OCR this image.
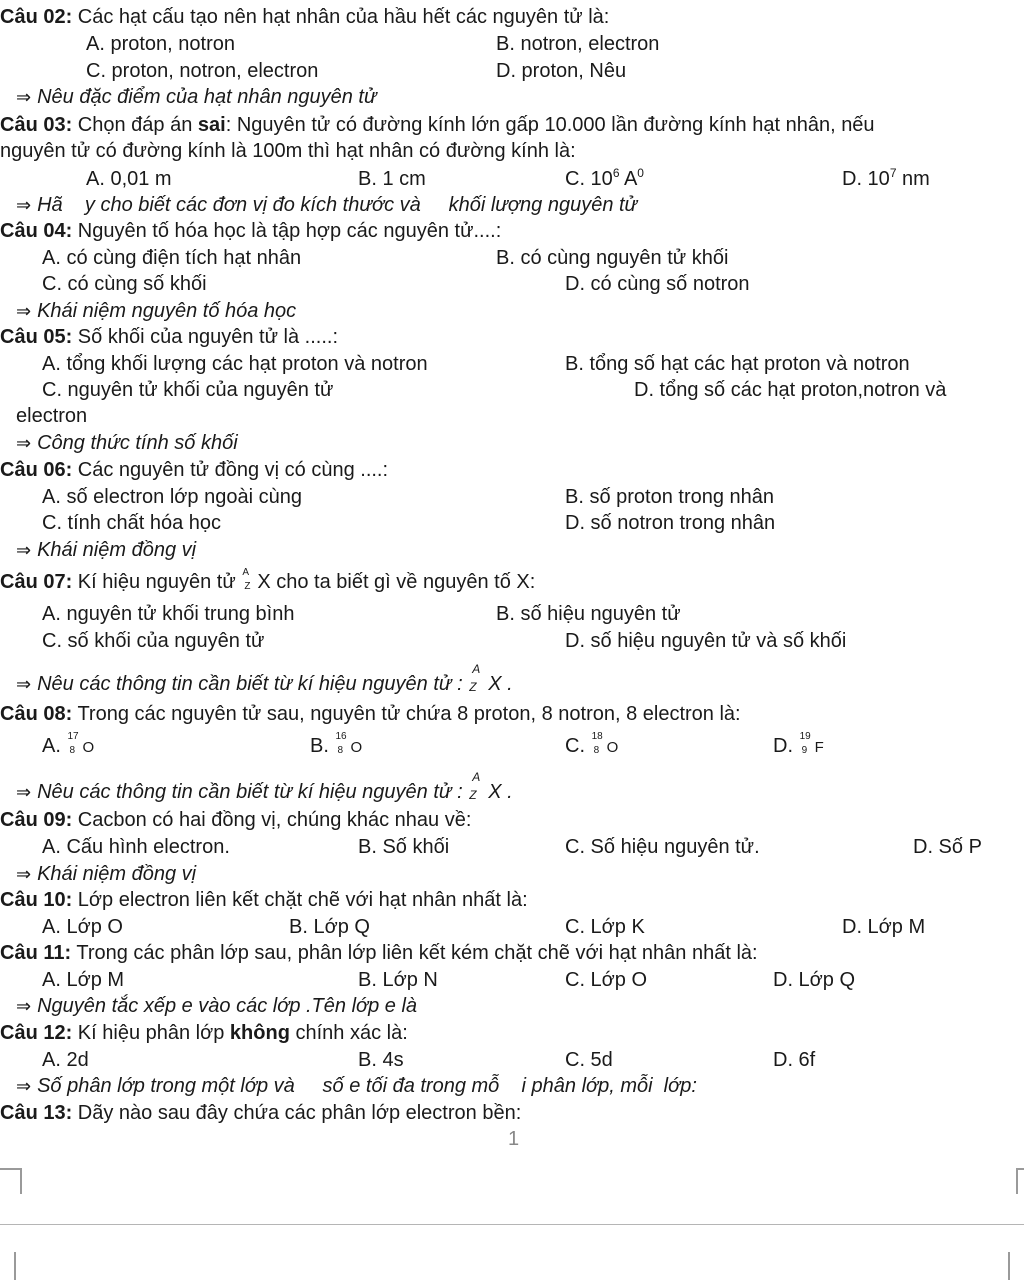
Câu 02: Các hạt cấu tạo nên hạt nhân của hầu hết các nguyên tử là:
A. proton, notron	B. notron, electron
C. proton, notron, electron	D. proton, Nêu
⇒ Nêu đặc điểm của hạt nhân nguyên tử
Câu 03: Chọn đáp án sai: Nguyên tử có đường kính lớn gấp 10.000 lần đường kính hạt nhân, nếu
nguyên tử có đường kính là 100m thì hạt nhân có đường kính là:
A. 0,01 m	B. 1 cm	C. $10^6$ $A^0$	D. $10^7$ nm
⇒ Hã    y cho biết các đơn vị đo kích thước và     khối lượng nguyên tử
Câu 04: Nguyên tố hóa học là tập hợp các nguyên tử....:
A. có cùng điện tích hạt nhân	B. có cùng nguyên tử khối
C. có cùng số khối	D. có cùng số notron
⇒ Khái niệm nguyên tố hóa học
Câu 05: Số khối của nguyên tử là .....:
A. tổng khối lượng các hạt proton và notron	B. tổng số hạt các hạt proton và notron
C. nguyên tử khối của nguyên tử	D. tổng số các hạt proton,notron và
electron
⇒ Công thức tính số khối
Câu 06: Các nguyên tử đồng vị có cùng ....:
A. số electron lớp ngoài cùng	B. số proton trong nhân
C. tính chất hóa học	D. số notron trong nhân
⇒ Khái niệm đồng vị
Câu 07: Kí hiệu nguyên tử A
Z X cho ta biết gì về nguyên tố X:
A. nguyên tử khối trung bình	B. số hiệu nguyên tử
C. số khối của nguyên tử	D. số hiệu nguyên tử và số khối
⇒ Nêu các thông tin cần biết từ kí hiệu nguyên tử :
A
Z X .
Câu 08: Trong các nguyên tử sau, nguyên tử chứa 8 proton, 8 notron, 8 electron là:
A. 17
8 O	B. 16
8 O	C. 18
8 O	D. 19
9 F
⇒ Nêu các thông tin cần biết từ kí hiệu nguyên tử :
A
Z X .
Câu 09: Cacbon có hai đồng vị, chúng khác nhau về:
A. Cấu hình electron.	B. Số khối	C. Số hiệu nguyên tử.	D. Số P
⇒ Khái niệm đồng vị
Câu 10: Lớp electron liên kết chặt chẽ với hạt nhân nhất là:
A. Lớp O	B. Lớp Q	C. Lớp K	D. Lớp M
Câu 11: Trong các phân lớp sau, phân lớp liên kết kém chặt chẽ với hạt nhân nhất là:
A. Lớp M	B. Lớp N	C. Lớp O	D. Lớp Q
⇒ Nguyên tắc xếp e vào các lớp .Tên lớp e là
Câu 12: Kí hiệu phân lớp không chính xác là:
A. 2d	B. 4s	C. 5d	D. 6f
⇒ Số phân lớp trong một lớp và     số e tối đa trong mỗ    i phân lớp, mỗi  lớp:
Câu 13: Dãy nào sau đây chứa các phân lớp electron bền:
1
